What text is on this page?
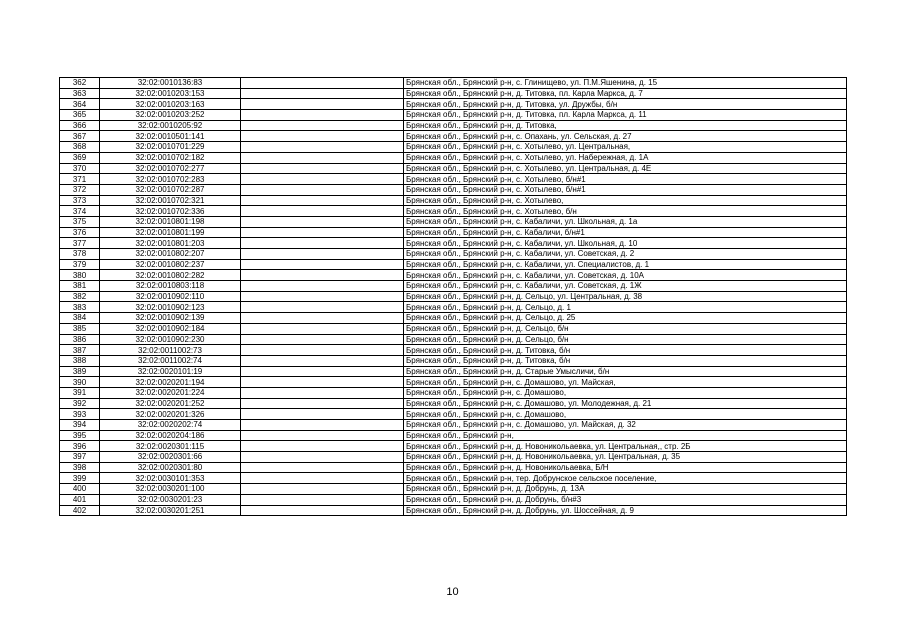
362	32:02:0010136:83		Брянская обл., Брянский р-н, с. Глинищево, ул. П.М.Яшенина, д. 15
363	32:02:0010203:153		Брянская обл., Брянский р-н, д. Титовка, пл. Карла Маркса, д. 7
364	32:02:0010203:163		Брянская обл., Брянский р-н, д. Титовка, ул. Дружбы, б/н
365	32:02:0010203:252		Брянская обл., Брянский р-н, д. Титовка, пл. Карла Маркса, д. 11
366	32:02:0010205:92		Брянская обл., Брянский р-н, д. Титовка,
367	32:02:0010501:141		Брянская обл., Брянский р-н, с. Опахань, ул. Сельская, д. 27
368	32:02:0010701:229		Брянская обл., Брянский р-н, с. Хотылево, ул. Центральная,
369	32:02:0010702:182		Брянская обл., Брянский р-н, с. Хотылево, ул. Набережная, д. 1А
370	32:02:0010702:277		Брянская обл., Брянский р-н, с. Хотылево, ул. Центральная, д. 4Е
371	32:02:0010702:283		Брянская обл., Брянский р-н, с. Хотылево, б/н#1
372	32:02:0010702:287		Брянская обл., Брянский р-н, с. Хотылево, б/н#1
373	32:02:0010702:321		Брянская обл., Брянский р-н, с. Хотылево,
374	32:02:0010702:336		Брянская обл., Брянский р-н, с. Хотылево, б/н
375	32:02:0010801:198		Брянская обл., Брянский р-н, с. Кабаличи, ул. Школьная, д. 1а
376	32:02:0010801:199		Брянская обл., Брянский р-н, с. Кабаличи, б/н#1
377	32:02:0010801:203		Брянская обл., Брянский р-н, с. Кабаличи, ул. Школьная, д. 10
378	32:02:0010802:207		Брянская обл., Брянский р-н, с. Кабаличи, ул. Советская, д. 2
379	32:02:0010802:237		Брянская обл., Брянский р-н, с. Кабаличи, ул. Специалистов, д. 1
380	32:02:0010802:282		Брянская обл., Брянский р-н, с. Кабаличи, ул. Советская, д. 10А
381	32:02:0010803:118		Брянская обл., Брянский р-н, с. Кабаличи, ул. Советская, д. 1Ж
382	32:02:0010902:110		Брянская обл., Брянский р-н, д. Сельцо, ул. Центральная, д. 38
383	32:02:0010902:123		Брянская обл., Брянский р-н, д. Сельцо, д. 1
384	32:02:0010902:139		Брянская обл., Брянский р-н, д. Сельцо, д. 25
385	32:02:0010902:184		Брянская обл., Брянский р-н, д. Сельцо, б/н
386	32:02:0010902:230		Брянская обл., Брянский р-н, д. Сельцо, б/н
387	32:02:0011002:73		Брянская обл., Брянский р-н, д. Титовка, б/н
388	32:02:0011002:74		Брянская обл., Брянский р-н, д. Титовка, б/н
389	32:02:0020101:19		Брянская обл., Брянский р-н, д. Старые Умысличи, б/н
390	32:02:0020201:194		Брянская обл., Брянский р-н, с. Домашово, ул. Майская,
391	32:02:0020201:224		Брянская обл., Брянский р-н, с. Домашово,
392	32:02:0020201:252		Брянская обл., Брянский р-н, с. Домашово, ул. Молодежная, д. 21
393	32:02:0020201:326		Брянская обл., Брянский р-н, с. Домашово,
394	32:02:0020202:74		Брянская обл., Брянский р-н, с. Домашово, ул. Майская, д. 32
395	32:02:0020204:186		Брянская обл., Брянский р-н,
396	32:02:0020301:115		Брянская обл., Брянский р-н, д. Новоникольаевка, ул. Центральная,, стр. 2Б
397	32:02:0020301:66		Брянская обл., Брянский р-н, д. Новоникольаевка, ул. Центральная, д. 35
398	32:02:0020301:80		Брянская обл., Брянский р-н, д. Новоникольаевка, Б/Н
399	32:02:0030101:353		Брянская обл., Брянский р-н, тер. Добрунское сельское поселение,
400	32:02:0030201:100		Брянская обл., Брянский р-н, д. Добрунь, д. 13А
401	32:02:0030201:23		Брянская обл., Брянский р-н, д. Добрунь, б/н#3
402	32:02:0030201:251		Брянская обл., Брянский р-н, д. Добрунь, ул. Шоссейная, д. 9
10
